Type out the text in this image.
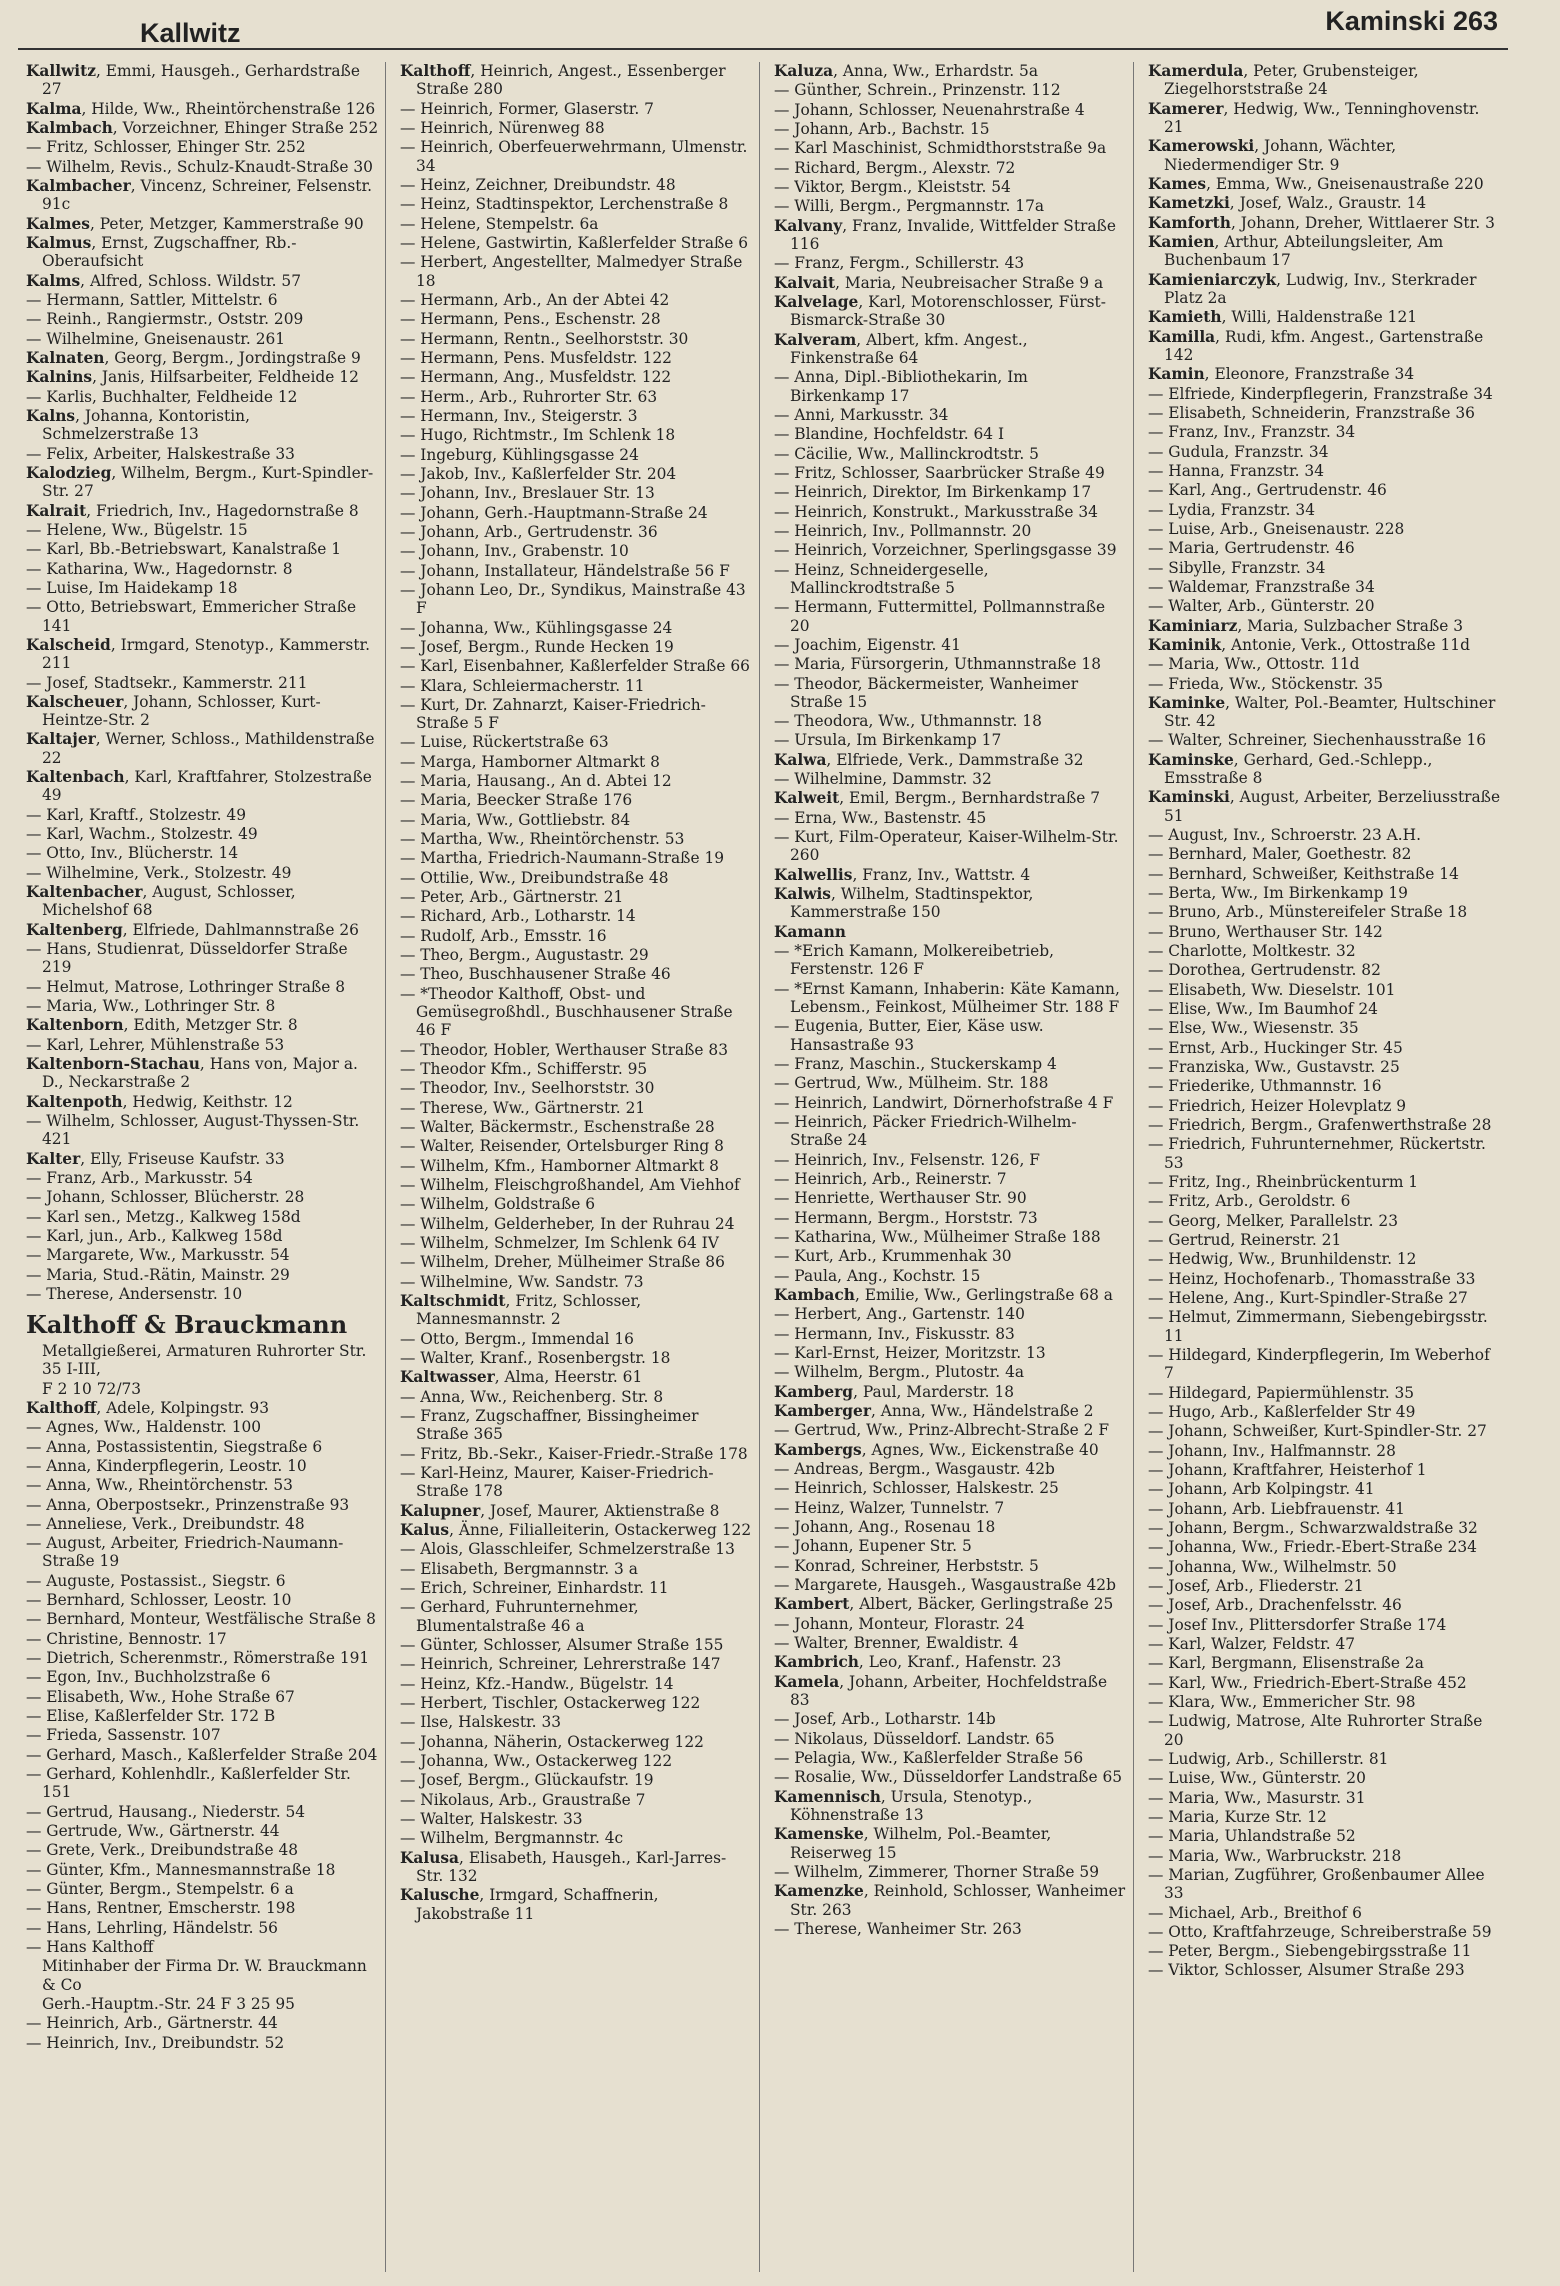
Kallwitz	Kaminski 263
Kallwitz, Emmi, Hausgeh., Gerhardstraße 27
Kalma, Hilde, Ww., Rheintörchenstraße 126
Kalmbach, Vorzeichner, Ehinger Straße 252
— Fritz, Schlosser, Ehinger Str. 252
— Wilhelm, Revis., Schulz-Knaudt-Straße 30
Kalmbacher, Vincenz, Schreiner, Felsenstr. 91c
Kalmes, Peter, Metzger, Kammerstraße 90
Kalmus, Ernst, Zugschaffner, Rb.-Oberaufsicht
Kalms, Alfred, Schloss. Wildstr. 57
— Hermann, Sattler, Mittelstr. 6
— Reinh., Rangiermstr., Oststr. 209
— Wilhelmine, Gneisenaustr. 261
Kalnaten, Georg, Bergm., Jordingstraße 9
Kalnins, Janis, Hilfsarbeiter, Feldheide 12
— Karlis, Buchhalter, Feldheide 12
Kalns, Johanna, Kontoristin, Schmelzerstraße 13
— Felix, Arbeiter, Halskestraße 33
Kalodzieg, Wilhelm, Bergm., Kurt-Spindler-Str. 27
Kalrait, Friedrich, Inv., Hagedornstraße 8
— Helene, Ww., Bügelstr. 15
— Karl, Bb.-Betriebswart, Kanalstraße 1
— Katharina, Ww., Hagedornstr. 8
— Luise, Im Haidekamp 18
— Otto, Betriebswart, Emmericher Straße 141
Kalscheid, Irmgard, Stenotyp., Kammerstr. 211
— Josef, Stadtsekr., Kammerstr. 211
Kalscheuer, Johann, Schlosser, Kurt-Heintze-Str. 2
Kaltajer, Werner, Schloss., Mathildenstraße 22
Kaltenbach, Karl, Kraftfahrer, Stolzestraße 49
— Karl, Kraftf., Stolzestr. 49
— Karl, Wachm., Stolzestr. 49
— Otto, Inv., Blücherstr. 14
— Wilhelmine, Verk., Stolzestr. 49
Kaltenbacher, August, Schlosser, Michelshof 68
Kaltenberg, Elfriede, Dahlmannstraße 26
— Hans, Studienrat, Düsseldorfer Straße 219
— Helmut, Matrose, Lothringer Straße 8
— Maria, Ww., Lothringer Str. 8
Kaltenborn, Edith, Metzger Str. 8
— Karl, Lehrer, Mühlenstraße 53
Kaltenborn-Stachau, Hans von, Major a. D., Neckarstraße 2
Kaltenpoth, Hedwig, Keithstr. 12
— Wilhelm, Schlosser, August-Thyssen-Str. 421
Kalter, Elly, Friseuse Kaufstr. 33
— Franz, Arb., Markusstr. 54
— Johann, Schlosser, Blücherstr. 28
— Karl sen., Metzg., Kalkweg 158d
— Karl, jun., Arb., Kalkweg 158d
— Margarete, Ww., Markusstr. 54
— Maria, Stud.-Rätin, Mainstr. 29
— Therese, Andersenstr. 10
Kalthoff & Brauckmann
Metallgießerei, Armaturen Ruhrorter Str. 35 I-III,
F 2 10 72/73
Kalthoff, Adele, Kolpingstr. 93
— Agnes, Ww., Haldenstr. 100
— Anna, Postassistentin, Siegstraße 6
— Anna, Kinderpflegerin, Leostr. 10
— Anna, Ww., Rheintörchenstr. 53
— Anna, Oberpostsekr., Prinzenstraße 93
— Anneliese, Verk., Dreibundstr. 48
— August, Arbeiter, Friedrich-Naumann-Straße 19
— Auguste, Postassist., Siegstr. 6
— Bernhard, Schlosser, Leostr. 10
— Bernhard, Monteur, Westfälische Straße 8
— Christine, Bennostr. 17
— Dietrich, Scherenmstr., Römerstraße 191
— Egon, Inv., Buchholzstraße 6
— Elisabeth, Ww., Hohe Straße 67
— Elise, Kaßlerfelder Str. 172 B
— Frieda, Sassenstr. 107
— Gerhard, Masch., Kaßlerfelder Straße 204
— Gerhard, Kohlenhdlr., Kaßlerfelder Str. 151
— Gertrud, Hausang., Niederstr. 54
— Gertrude, Ww., Gärtnerstr. 44
— Grete, Verk., Dreibundstraße 48
— Günter, Kfm., Mannesmannstraße 18
— Günter, Bergm., Stempelstr. 6 a
— Hans, Rentner, Emscherstr. 198
— Hans, Lehrling, Händelstr. 56
— Hans Kalthoff
Mitinhaber der Firma Dr. W. Brauckmann & Co
Gerh.-Hauptm.-Str. 24 F 3 25 95
— Heinrich, Arb., Gärtnerstr. 44
— Heinrich, Inv., Dreibundstr. 52
Kalthoff, Heinrich, Angest., Essenberger Straße 280
— Heinrich, Former, Glaserstr. 7
— Heinrich, Nürenweg 88
— Heinrich, Oberfeuerwehrmann, Ulmenstr. 34
— Heinz, Zeichner, Dreibundstr. 48
— Heinz, Stadtinspektor, Lerchenstraße 8
— Helene, Stempelstr. 6a
— Helene, Gastwirtin, Kaßlerfelder Straße 6
— Herbert, Angestellter, Malmedyer Straße 18
— Hermann, Arb., An der Abtei 42
— Hermann, Pens., Eschenstr. 28
— Hermann, Rentn., Seelhorststr. 30
— Hermann, Pens. Musfeldstr. 122
— Hermann, Ang., Musfeldstr. 122
— Herm., Arb., Ruhrorter Str. 63
— Hermann, Inv., Steigerstr. 3
— Hugo, Richtmstr., Im Schlenk 18
— Ingeburg, Kühlingsgasse 24
— Jakob, Inv., Kaßlerfelder Str. 204
— Johann, Inv., Breslauer Str. 13
— Johann, Gerh.-Hauptmann-Straße 24
— Johann, Arb., Gertrudenstr. 36
— Johann, Inv., Grabenstr. 10
— Johann, Installateur, Händelstraße 56 F
— Johann Leo, Dr., Syndikus, Mainstraße 43 F
— Johanna, Ww., Kühlingsgasse 24
— Josef, Bergm., Runde Hecken 19
— Karl, Eisenbahner, Kaßlerfelder Straße 66
— Klara, Schleiermacherstr. 11
— Kurt, Dr. Zahnarzt, Kaiser-Friedrich-Straße 5 F
— Luise, Rückertstraße 63
— Marga, Hamborner Altmarkt 8
— Maria, Hausang., An d. Abtei 12
— Maria, Beecker Straße 176
— Maria, Ww., Gottliebstr. 84
— Martha, Ww., Rheintörchenstr. 53
— Martha, Friedrich-Naumann-Straße 19
— Ottilie, Ww., Dreibundstraße 48
— Peter, Arb., Gärtnerstr. 21
— Richard, Arb., Lotharstr. 14
— Rudolf, Arb., Emsstr. 16
— Theo, Bergm., Augustastr. 29
— Theo, Buschhausener Straße 46
— *Theodor Kalthoff, Obst- und Gemüsegroßhdl., Buschhausener Straße 46 F
— Theodor, Hobler, Werthauser Straße 83
— Theodor Kfm., Schifferstr. 95
— Theodor, Inv., Seelhorststr. 30
— Therese, Ww., Gärtnerstr. 21
— Walter, Bäckermstr., Eschenstraße 28
— Walter, Reisender, Ortelsburger Ring 8
— Wilhelm, Kfm., Hamborner Altmarkt 8
— Wilhelm, Fleischgroßhandel, Am Viehhof
— Wilhelm, Goldstraße 6
— Wilhelm, Gelderheber, In der Ruhrau 24
— Wilhelm, Schmelzer, Im Schlenk 64 IV
— Wilhelm, Dreher, Mülheimer Straße 86
— Wilhelmine, Ww. Sandstr. 73
Kaltschmidt, Fritz, Schlosser, Mannesmannstr. 2
— Otto, Bergm., Immendal 16
— Walter, Kranf., Rosenbergstr. 18
Kaltwasser, Alma, Heerstr. 61
— Anna, Ww., Reichenberg. Str. 8
— Franz, Zugschaffner, Bissingheimer Straße 365
— Fritz, Bb.-Sekr., Kaiser-Friedr.-Straße 178
— Karl-Heinz, Maurer, Kaiser-Friedrich-Straße 178
Kalupner, Josef, Maurer, Aktienstraße 8
Kalus, Änne, Filialleiterin, Ostackerweg 122
— Alois, Glasschleifer, Schmelzerstraße 13
— Elisabeth, Bergmannstr. 3 a
— Erich, Schreiner, Einhardstr. 11
— Gerhard, Fuhrunternehmer, Blumentalstraße 46 a
— Günter, Schlosser, Alsumer Straße 155
— Heinrich, Schreiner, Lehrerstraße 147
— Heinz, Kfz.-Handw., Bügelstr. 14
— Herbert, Tischler, Ostackerweg 122
— Ilse, Halskestr. 33
— Johanna, Näherin, Ostackerweg 122
— Johanna, Ww., Ostackerweg 122
— Josef, Bergm., Glückaufstr. 19
— Nikolaus, Arb., Graustraße 7
— Walter, Halskestr. 33
— Wilhelm, Bergmannstr. 4c
Kalusa, Elisabeth, Hausgeh., Karl-Jarres-Str. 132
Kalusche, Irmgard, Schaffnerin, Jakobstraße 11
Kaluza, Anna, Ww., Erhardstr. 5a
— Günther, Schrein., Prinzenstr. 112
— Johann, Schlosser, Neuenahrstraße 4
— Johann, Arb., Bachstr. 15
— Karl Maschinist, Schmidthorststraße 9a
— Richard, Bergm., Alexstr. 72
— Viktor, Bergm., Kleiststr. 54
— Willi, Bergm., Pergmannstr. 17a
Kalvany, Franz, Invalide, Wittfelder Straße 116
— Franz, Fergm., Schillerstr. 43
Kalvait, Maria, Neubreisacher Straße 9 a
Kalvelage, Karl, Motorenschlosser, Fürst-Bismarck-Straße 30
Kalveram, Albert, kfm. Angest., Finkenstraße 64
— Anna, Dipl.-Bibliothekarin, Im Birkenkamp 17
— Anni, Markusstr. 34
— Blandine, Hochfeldstr. 64 I
— Cäcilie, Ww., Mallinckrodtstr. 5
— Fritz, Schlosser, Saarbrücker Straße 49
— Heinrich, Direktor, Im Birkenkamp 17
— Heinrich, Konstrukt., Markusstraße 34
— Heinrich, Inv., Pollmannstr. 20
— Heinrich, Vorzeichner, Sperlingsgasse 39
— Heinz, Schneidergeselle, Mallinckrodtstraße 5
— Hermann, Futtermittel, Pollmannstraße 20
— Joachim, Eigenstr. 41
— Maria, Fürsorgerin, Uthmannstraße 18
— Theodor, Bäckermeister, Wanheimer Straße 15
— Theodora, Ww., Uthmannstr. 18
— Ursula, Im Birkenkamp 17
Kalwa, Elfriede, Verk., Dammstraße 32
— Wilhelmine, Dammstr. 32
Kalweit, Emil, Bergm., Bernhardstraße 7
— Erna, Ww., Bastenstr. 45
— Kurt, Film-Operateur, Kaiser-Wilhelm-Str. 260
Kalwellis, Franz, Inv., Wattstr. 4
Kalwis, Wilhelm, Stadtinspektor, Kammerstraße 150
Kamann
— *Erich Kamann, Molkereibetrieb, Ferstenstr. 126 F
— *Ernst Kamann, Inhaberin: Käte Kamann, Lebensm., Feinkost, Mülheimer Str. 188 F
— Eugenia, Butter, Eier, Käse usw. Hansastraße 93
— Franz, Maschin., Stuckerskamp 4
— Gertrud, Ww., Mülheim. Str. 188
— Heinrich, Landwirt, Dörnerhofstraße 4 F
— Heinrich, Päcker Friedrich-Wilhelm-Straße 24
— Heinrich, Inv., Felsenstr. 126, F
— Heinrich, Arb., Reinerstr. 7
— Henriette, Werthauser Str. 90
— Hermann, Bergm., Horststr. 73
— Katharina, Ww., Mülheimer Straße 188
— Kurt, Arb., Krummenhak 30
— Paula, Ang., Kochstr. 15
Kambach, Emilie, Ww., Gerlingstraße 68 a
— Herbert, Ang., Gartenstr. 140
— Hermann, Inv., Fiskusstr. 83
— Karl-Ernst, Heizer, Moritzstr. 13
— Wilhelm, Bergm., Plutostr. 4a
Kamberg, Paul, Marderstr. 18
Kamberger, Anna, Ww., Händelstraße 2
— Gertrud, Ww., Prinz-Albrecht-Straße 2 F
Kambergs, Agnes, Ww., Eickenstraße 40
— Andreas, Bergm., Wasgaustr. 42b
— Heinrich, Schlosser, Halskestr. 25
— Heinz, Walzer, Tunnelstr. 7
— Johann, Ang., Rosenau 18
— Johann, Eupener Str. 5
— Konrad, Schreiner, Herbststr. 5
— Margarete, Hausgeh., Wasgaustraße 42b
Kambert, Albert, Bäcker, Gerlingstraße 25
— Johann, Monteur, Florastr. 24
— Walter, Brenner, Ewaldistr. 4
Kambrich, Leo, Kranf., Hafenstr. 23
Kamela, Johann, Arbeiter, Hochfeldstraße 83
— Josef, Arb., Lotharstr. 14b
— Nikolaus, Düsseldorf. Landstr. 65
— Pelagia, Ww., Kaßlerfelder Straße 56
— Rosalie, Ww., Düsseldorfer Landstraße 65
Kamennisch, Ursula, Stenotyp., Köhnenstraße 13
Kamenske, Wilhelm, Pol.-Beamter, Reiserweg 15
— Wilhelm, Zimmerer, Thorner Straße 59
Kamenzke, Reinhold, Schlosser, Wanheimer Str. 263
— Therese, Wanheimer Str. 263
Kamerdula, Peter, Grubensteiger, Ziegelhorststraße 24
Kamerer, Hedwig, Ww., Tenninghovenstr. 21
Kamerowski, Johann, Wächter, Niedermendiger Str. 9
Kames, Emma, Ww., Gneisenaustraße 220
Kametzki, Josef, Walz., Graustr. 14
Kamforth, Johann, Dreher, Wittlaerer Str. 3
Kamien, Arthur, Abteilungsleiter, Am Buchenbaum 17
Kamieniarczyk, Ludwig, Inv., Sterkrader Platz 2a
Kamieth, Willi, Haldenstraße 121
Kamilla, Rudi, kfm. Angest., Gartenstraße 142
Kamin, Eleonore, Franzstraße 34
— Elfriede, Kinderpflegerin, Franzstraße 34
— Elisabeth, Schneiderin, Franzstraße 36
— Franz, Inv., Franzstr. 34
— Gudula, Franzstr. 34
— Hanna, Franzstr. 34
— Karl, Ang., Gertrudenstr. 46
— Lydia, Franzstr. 34
— Luise, Arb., Gneisenaustr. 228
— Maria, Gertrudenstr. 46
— Sibylle, Franzstr. 34
— Waldemar, Franzstraße 34
— Walter, Arb., Günterstr. 20
Kaminiarz, Maria, Sulzbacher Straße 3
Kaminik, Antonie, Verk., Ottostraße 11d
— Maria, Ww., Ottostr. 11d
— Frieda, Ww., Stöckenstr. 35
Kaminke, Walter, Pol.-Beamter, Hultschiner Str. 42
— Walter, Schreiner, Siechenhausstraße 16
Kaminske, Gerhard, Ged.-Schlepp., Emsstraße 8
Kaminski, August, Arbeiter, Berzeliusstraße 51
— August, Inv., Schroerstr. 23 A.H.
— Bernhard, Maler, Goethestr. 82
— Bernhard, Schweißer, Keithstraße 14
— Berta, Ww., Im Birkenkamp 19
— Bruno, Arb., Münstereifeler Straße 18
— Bruno, Werthauser Str. 142
— Charlotte, Moltkestr. 32
— Dorothea, Gertrudenstr. 82
— Elisabeth, Ww. Dieselstr. 101
— Elise, Ww., Im Baumhof 24
— Else, Ww., Wiesenstr. 35
— Ernst, Arb., Huckinger Str. 45
— Franziska, Ww., Gustavstr. 25
— Friederike, Uthmannstr. 16
— Friedrich, Heizer Holevplatz 9
— Friedrich, Bergm., Grafenwerthstraße 28
— Friedrich, Fuhrunternehmer, Rückertstr. 53
— Fritz, Ing., Rheinbrückenturm 1
— Fritz, Arb., Geroldstr. 6
— Georg, Melker, Parallelstr. 23
— Gertrud, Reinerstr. 21
— Hedwig, Ww., Brunhildenstr. 12
— Heinz, Hochofenarb., Thomasstraße 33
— Helene, Ang., Kurt-Spindler-Straße 27
— Helmut, Zimmermann, Siebengebirgsstr. 11
— Hildegard, Kinderpflegerin, Im Weberhof 7
— Hildegard, Papiermühlenstr. 35
— Hugo, Arb., Kaßlerfelder Str 49
— Johann, Schweißer, Kurt-Spindler-Str. 27
— Johann, Inv., Halfmannstr. 28
— Johann, Kraftfahrer, Heisterhof 1
— Johann, Arb Kolpingstr. 41
— Johann, Arb. Liebfrauenstr. 41
— Johann, Bergm., Schwarzwaldstraße 32
— Johanna, Ww., Friedr.-Ebert-Straße 234
— Johanna, Ww., Wilhelmstr. 50
— Josef, Arb., Fliederstr. 21
— Josef, Arb., Drachenfelsstr. 46
— Josef Inv., Plittersdorfer Straße 174
— Karl, Walzer, Feldstr. 47
— Karl, Bergmann, Elisenstraße 2a
— Karl, Ww., Friedrich-Ebert-Straße 452
— Klara, Ww., Emmericher Str. 98
— Ludwig, Matrose, Alte Ruhrorter Straße 20
— Ludwig, Arb., Schillerstr. 81
— Luise, Ww., Günterstr. 20
— Maria, Ww., Masurstr. 31
— Maria, Kurze Str. 12
— Maria, Uhlandstraße 52
— Maria, Ww., Warbruckstr. 218
— Marian, Zugführer, Großenbaumer Allee 33
— Michael, Arb., Breithof 6
— Otto, Kraftfahrzeuge, Schreiberstraße 59
— Peter, Bergm., Siebengebirgsstraße 11
— Viktor, Schlosser, Alsumer Straße 293
